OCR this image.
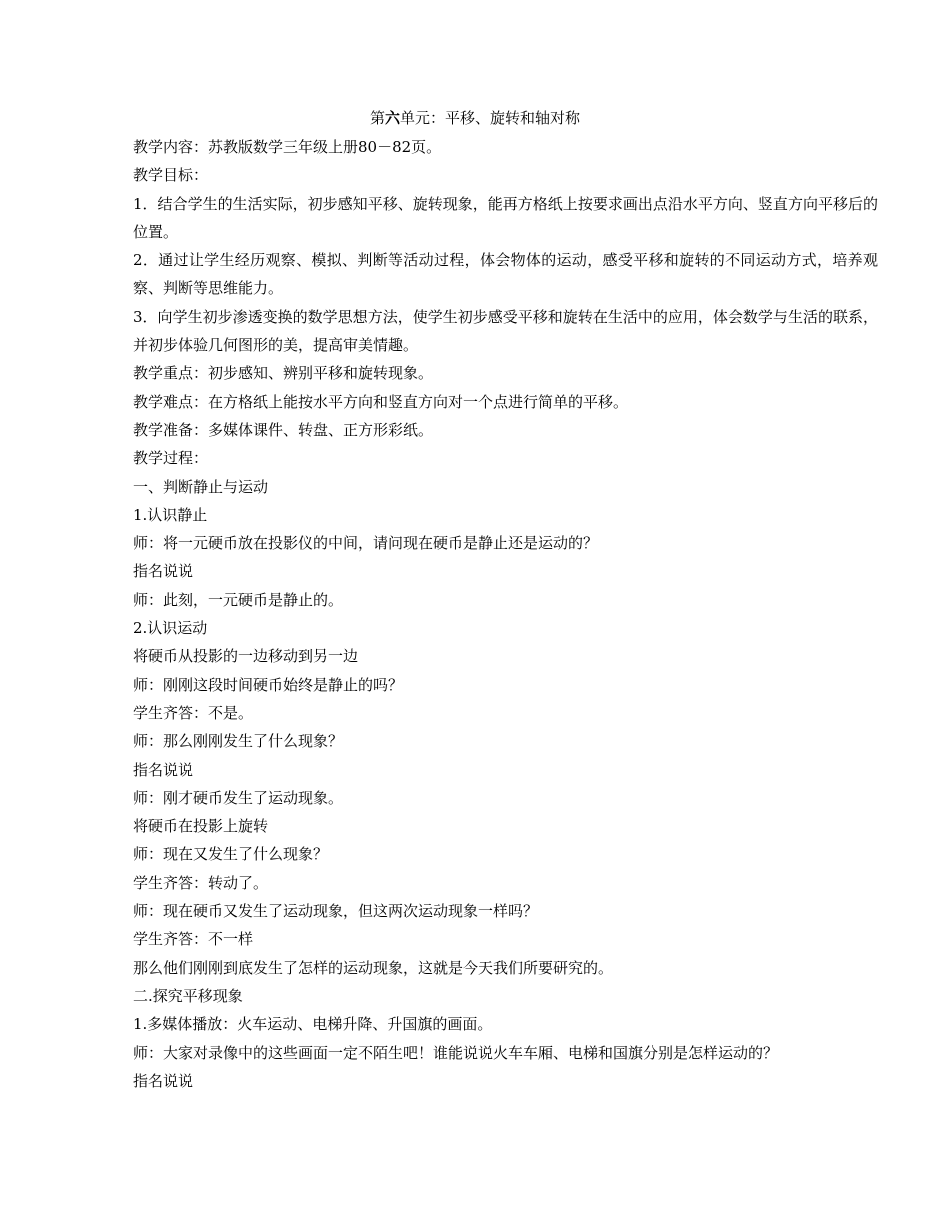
第六单元：平移、旋转和轴对称
教学内容：苏教版数学三年级上册80－82页。
教学目标：
1．结合学生的生活实际，初步感知平移、旋转现象，能再方格纸上按要求画出点沿水平方向、竖直方向平移后的位置。
2．通过让学生经历观察、模拟、判断等活动过程，体会物体的运动，感受平移和旋转的不同运动方式，培养观察、判断等思维能力。
3．向学生初步渗透变换的数学思想方法，使学生初步感受平移和旋转在生活中的应用，体会数学与生活的联系，并初步体验几何图形的美，提高审美情趣。
教学重点：初步感知、辨别平移和旋转现象。
教学难点：在方格纸上能按水平方向和竖直方向对一个点进行简单的平移。
教学准备：多媒体课件、转盘、正方形彩纸。
教学过程：
一、判断静止与运动
1.认识静止
师：将一元硬币放在投影仪的中间，请问现在硬币是静止还是运动的？
指名说说
师：此刻，一元硬币是静止的。
2.认识运动
将硬币从投影的一边移动到另一边
师：刚刚这段时间硬币始终是静止的吗？
学生齐答：不是。
师：那么刚刚发生了什么现象？
指名说说
师：刚才硬币发生了运动现象。
将硬币在投影上旋转
师：现在又发生了什么现象？
学生齐答：转动了。
师：现在硬币又发生了运动现象，但这两次运动现象一样吗？
学生齐答：不一样
那么他们刚刚到底发生了怎样的运动现象，这就是今天我们所要研究的。
二.探究平移现象
1.多媒体播放：火车运动、电梯升降、升国旗的画面。
师：大家对录像中的这些画面一定不陌生吧！谁能说说火车车厢、电梯和国旗分别是怎样运动的？
指名说说
